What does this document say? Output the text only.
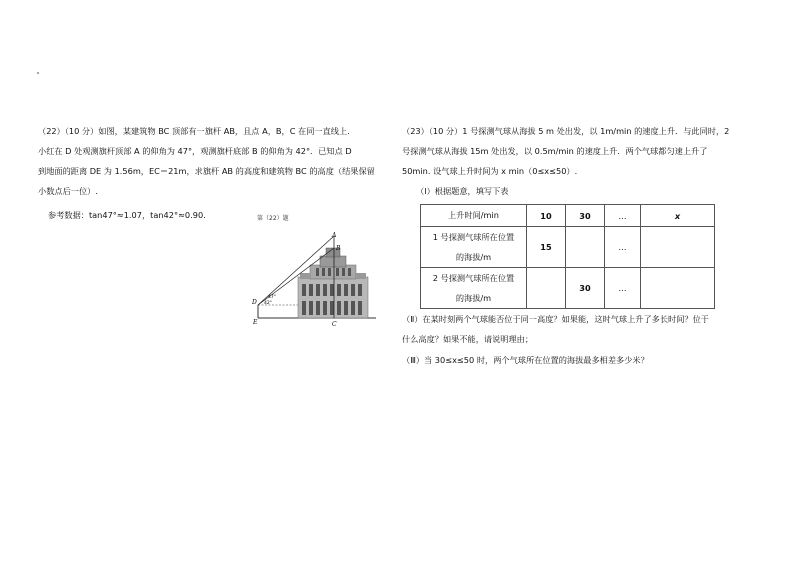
（22）（10 分）如图，某建筑物 BC 顶部有一旗杆 AB，且点 A，B，C 在同一直线上.
小红在 D 处观测旗杆顶部 A 的仰角为 47°，观测旗杆底部 B 的仰角为 42°．已知点 D
到地面的距离 DE 为 1.56m，EC＝21m，求旗杆 AB 的高度和建筑物 BC 的高度（结果保留
小数点后一位）.
参考数据：tan47°≈1.07，tan42°≈0.90.	第（22）题
A
B
C
D
E
47°
42°
（23）（10 分）1 号探测气球从海拔 5 m 处出发，以 1m/min 的速度上升．与此同时，2
号探测气球从海拔 15m 处出发，以 0.5m/min 的速度上升．两个气球都匀速上升了
50min. 设气球上升时间为 x min（0≤x≤50）.
（Ⅰ）根据题意，填写下表
上升时间/min	10	30	…	x

1 号探测气球所在位置
的海拔/m	15		…	

2 号探测气球所在位置
的海拔/m		30	…	
（Ⅱ）在某时刻两个气球能否位于同一高度？如果能，这时气球上升了多长时间？位于
什么高度？如果不能，请说明理由；
（Ⅲ）当 30≤x≤50 时，两个气球所在位置的海拔最多相差多少米？
